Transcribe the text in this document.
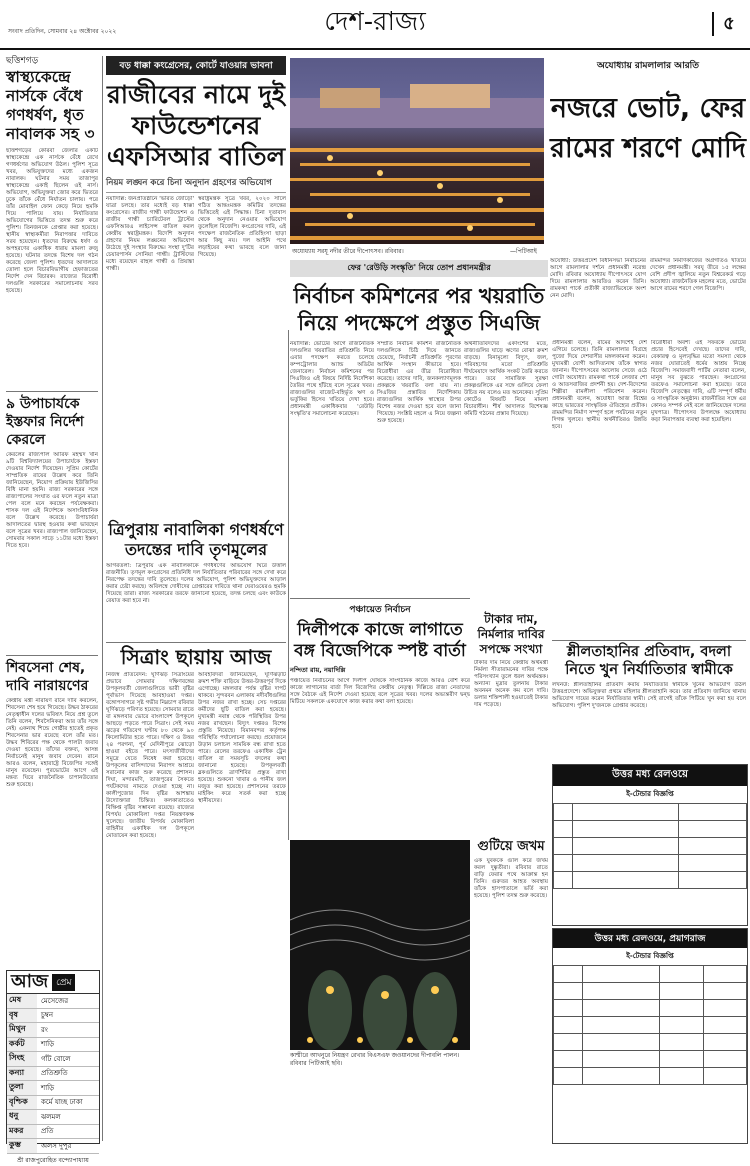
সংবাদ প্রতিদিন, সোমবার ২৪ অক্টোবর ২০২২	দেশ-রাজ্য	৫
ছত্তিশগড়
স্বাস্থ্যকেন্দ্রে নার্সকে বেঁধে গণধর্ষণ, ধৃত নাবালক সহ ৩
ছত্তিশগড়ের কোরবা জেলার একটি স্বাস্থ্যকেন্দ্রে এক নার্সকে বেঁধে রেখে গণধর্ষণের অভিযোগ উঠল। পুলিশ সূত্রে খবর, অভিযুক্তদের মধ্যে একজন নাবালক। ঘটনার সময় তাজাপুর স্বাস্থ্যকেন্দ্রে একাই ছিলেন ওই নার্স। অভিযোগ, অভিযুক্তরা জোর করে ভিতরে ঢুকে তাঁকে বেঁধে নির্যাতন চালায়। পরে তাঁর মোবাইল ফোন কেড়ে নিয়ে হুমকি দিয়ে পালিয়ে যায়। নির্যাতিতার অভিযোগের ভিত্তিতে তদন্ত শুরু করে পুলিশ। তিনজনকে গ্রেপ্তার করা হয়েছে। স্থানীয় স্বাস্থ্যকর্মীরা নিরাপত্তার দাবিতে সরব হয়েছেন। ধৃতদের বিরুদ্ধে ধর্ষণ ও অপহরণের একাধিক ধারায় মামলা রুজু হয়েছে। ঘটনার তদন্তে বিশেষ দল গঠন করেছে জেলা পুলিশ। ধৃতদের আদালতে তোলা হলে বিচারবিভাগীয় হেফাজতের নির্দেশ দেন বিচারক। রাজ্যের বিরোধী দলগুলি সরকারের সমালোচনায় সরব হয়েছে।
৯ উপাচার্যকে ইস্তফার নির্দেশ কেরলে
কেরলের রাজ্যপাল আরিফ মহম্মদ খান ৯টি বিশ্ববিদ্যালয়ের উপাচার্যকে ইস্তফা দেওয়ার নির্দেশ দিয়েছেন। সুপ্রিম কোর্টের সাম্প্রতিক রায়ের উল্লেখ করে তিনি জানিয়েছেন, নিয়োগ প্রক্রিয়ায় ইউজিসির বিধি মানা হয়নি। রাজ্য সরকারের সঙ্গে রাজ্যপালের সংঘাত এর ফলে নতুন মাত্রা পেল বলে মনে করছেন পর্যবেক্ষকরা। শাসক দল এই নির্দেশকে অসাংবিধানিক বলে উল্লেখ করেছে। উপাচার্যরা আদালতের দ্বারস্থ হওয়ার কথা ভাবছেন বলে সূত্রের খবর। রাজ্যপাল জানিয়েছেন, সোমবার সকাল সাড়ে ১১টার মধ্যে ইস্তফা দিতে হবে।
শিবসেনা শেষ, দাবি নারায়ণের
কেন্দ্রীয় মন্ত্রী নারায়ণ রানে দাবি করলেন, শিবসেনা শেষ হয়ে গিয়েছে। উদ্ধব ঠাকরের নেতৃত্বাধীন দলের ভবিষ্যৎ নিয়ে প্রশ্ন তুলে তিনি বলেন, শিবসৈনিকরা আর তাঁর সঙ্গে নেই। একনাথ শিন্ডে গোষ্ঠীর হাতেই প্রকৃত শিবসেনার ভার রয়েছে বলে তাঁর মত। উদ্ধব শিবিরের পক্ষ থেকে পালটা জবাব দেওয়া হয়েছে। তাঁদের বক্তব্য, আসন্ন নির্বাচনেই মানুষ জবাব দেবেন। রানে আরও বলেন, মহারাষ্ট্রে বিজেপির সঙ্গেই মানুষ রয়েছেন। পুরভোটের আগে এই মন্তব্য ঘিরে রাজনৈতিক চাপানউতোর শুরু হয়েছে।
আজ প্রেম
মেষ	মেসেজের
বৃষ	চুম্বন
মিথুন	রং
কর্কট	শাড়ি
সিংহ	গাঁট বোলে
কন্যা	প্রতিশ্রুতি
তুলা	শাড়ি
বৃশ্চিক	কর্মে যাচ্ছ ঢাকা
ধনু	ঝলমল
মকর	প্রতি
কুম্ভ	অলস দুপুর
শ্রী রাজপুরোহিত বন্দ্যোপাধ্যায়
বড় ধাক্কা কংগ্রেসের, কোর্টে যাওয়ার ভাবনা
রাজীবের নামে দুই ফাউন্ডেশনের এফসিআর বাতিল
নিয়ম লঙ্ঘন করে চিনা অনুদান গ্রহণের অভিযোগ
নয়াদিল্লি: জনপ্রতিষ্ঠানে 'ভারত জোড়ো' যাত্রা চলছে। তার মধ্যেই বড় ধাক্কা কংগ্রেসের। রাজীব গান্ধী ফাউন্ডেশন ও রাজীব গান্ধী চ্যারিটেবল ট্রাস্টের এফসিআরএ লাইসেন্স বাতিল করল কেন্দ্রীয় স্বরাষ্ট্রমন্ত্রক। বিদেশি অনুদান গ্রহণের নিয়ম লঙ্ঘনের অভিযোগ উঠেছে দুই সংস্থার বিরুদ্ধে। সংস্থা দু'টির চেয়ারপার্সন সোনিয়া গান্ধী। ট্রাস্টিদের মধ্যে রয়েছেন রাহুল গান্ধী ও প্রিয়াঙ্কা গান্ধী।
স্বরাষ্ট্রমন্ত্রক সূত্রে খবর, ২০২০ সালে গঠিত আন্তঃমন্ত্রক কমিটির তদন্তের ভিত্তিতেই এই সিদ্ধান্ত। চিনা দূতাবাস থেকে অনুদান নেওয়ার অভিযোগ তুলেছিল বিজেপি। কংগ্রেসের দাবি, এই পদক্ষেপ রাজনৈতিক প্রতিহিংসা ছাড়া আর কিছু নয়। দল আইনি পথে লড়াইয়ের কথা ভাবছে বলে জানা গিয়েছে।
ত্রিপুরায় নাবালিকা গণধর্ষণে তদন্তের দাবি তৃণমূলের
আগরতলা: ত্রিপুরায় এক নাবালিকাকে গণধর্ষণের অভিযোগ ঘিরে উত্তাল রাজনীতি। তৃণমূল কংগ্রেসের প্রতিনিধি দল নির্যাতিতার পরিবারের সঙ্গে দেখা করে নিরপেক্ষ তদন্তের দাবি তুলেছে। দলের অভিযোগ, পুলিশ অভিযুক্তদের আড়াল করার চেষ্টা করছে। অবিলম্বে দোষীদের গ্রেপ্তারের দাবিতে থানা ঘেরাওয়েরও হুমকি দিয়েছে তারা। রাজ্য সরকারের তরফে জানানো হয়েছে, তদন্ত চলছে এবং কাউকে রেয়াত করা হবে না।
সিত্রাং ছায়ায় আজ
নিজস্ব প্রতিবেদন: ঘূর্ণিঝড় সিত্রাংয়ের প্রভাবে সোমবার দক্ষিণবঙ্গের উপকূলবর্তী জেলাগুলিতে ভারী বৃষ্টির পূর্বাভাস দিয়েছে আবহাওয়া দপ্তর। বঙ্গোপসাগরে সৃষ্ট গভীর নিম্নচাপ রবিবার ঘূর্ণিঝড়ে পরিণত হয়েছে। সোমবার রাতে বা মঙ্গলবার ভোরে বাংলাদেশ উপকূলে আছড়ে পড়তে পারে সিত্রাং। সেই সময় ঝড়ের গতিবেগ ঘণ্টায় ৮০ থেকে ৯০ কিলোমিটার হতে পারে। দক্ষিণ ও উত্তর ২৪ পরগনা, পূর্ব মেদিনীপুরে ঝোড়ো হাওয়া বইতে পারে। মৎস্যজীবীদের সমুদ্রে যেতে নিষেধ করা হয়েছে। উপকূলের বাসিন্দাদের নিরাপদ আশ্রয়ে সরানোর কাজ শুরু করেছে প্রশাসন। দিঘা, মন্দারমণি, তাজপুরের সৈকতে পর্যটকদের নামতে দেওয়া হচ্ছে না। কালীপুজোর দিন বৃষ্টির আশঙ্কায় উদ্যোক্তারা চিন্তিত। কলকাতাতেও বিক্ষিপ্ত বৃষ্টির সম্ভাবনা রয়েছে। রাজ্যের বিপর্যয় মোকাবিলা দপ্তর নিয়ন্ত্রণকক্ষ খুলেছে। জাতীয় বিপর্যয় মোকাবিলা বাহিনীর একাধিক দল উপকূলে মোতায়েন করা হয়েছে।
আবহবিদরা জানিয়েছেন, ঘূর্ণিঝড়টি ক্রমশ শক্তি বাড়িয়ে উত্তর-উত্তরপূর্ব দিকে এগোচ্ছে। মঙ্গলবার পর্যন্ত বৃষ্টির দাপট থাকবে। সুন্দরবন এলাকায় নদীবাঁধগুলির উপর নজর রাখা হচ্ছে। সেচ দপ্তরের কর্মীদের ছুটি বাতিল করা হয়েছে। মুখ্যমন্ত্রী নবান্ন থেকে পরিস্থিতির উপর নজর রাখছেন। বিদ্যুৎ দপ্তরও বিশেষ প্রস্তুতি নিয়েছে। বিমানবন্দর কর্তৃপক্ষ পরিস্থিতি পর্যালোচনা করছে। প্রয়োজনে উড়ান চলাচল সাময়িক বন্ধ রাখা হতে পারে। রেলের তরফেও একাধিক ট্রেন বাতিল বা সময়সূচি বদলের কথা জানানো হয়েছে। উপকূলবর্তী ব্লকগুলিতে ত্রাণশিবির প্রস্তুত রাখা হয়েছে। শুকনো খাবার ও পানীয় জল মজুত করা হয়েছে। প্রশাসনের তরফে মাইকিং করে সতর্ক করা হচ্ছে স্থানীয়দের।
অযোধ্যায় সরযূ নদীর তীরে দীপোৎসব। রবিবার।	—পিটিআই
অযোধ্যায় রামলালার আরতি
নজরে ভোট, ফের রামের শরণে মোদি
অযোধ্যা: উত্তরপ্রদেশ বিধানসভা নির্বাচনের আগে রামলালার দর্শনে প্রধানমন্ত্রী নরেন্দ্র মোদি। রবিবার অযোধ্যায় দীপোৎসবে যোগ দিয়ে রামলালার আরতিও করেন তিনি। রামকথা পার্কে প্রতীকী রাজ্যাভিষেকে অংশ নেন মোদি।
রামমন্দির নির্মাণকাজের অগ্রগতিও খতিয়ে দেখেন প্রধানমন্ত্রী। সরযূ তীরে ১৫ লক্ষের বেশি প্রদীপ জ্বালিয়ে নতুন বিশ্বরেকর্ড গড়ে অযোধ্যা। রাজনৈতিক মহলের মতে, ভোটের আগে রামের শরণে গেল বিজেপি।
ফের 'রেউড়ি সংস্কৃতি' নিয়ে তোপ প্রধানমন্ত্রীর
নির্বাচন কমিশনের পর খয়রাতি নিয়ে পদক্ষেপে প্রস্তুত সিএজি
নয়াদিল্লি: ভোটের আগে রাজনৈতিক দলগুলির খয়রাতির প্রতিশ্রুতি নিয়ে এবার পদক্ষেপ করতে চলেছে কম্পট্রোলার অ্যান্ড অডিটর জেনারেল। নির্বাচন কমিশনের পর সিএজিও এই বিষয়ে নির্দিষ্ট নির্দেশিকা তৈরির পথে হাঁটছে বলে সূত্রের খবর। রাজ্যগুলির বাজেট-বহির্ভূত ঋণ ও ভর্তুকির হিসেব খতিয়ে দেখা হবে। প্রধানমন্ত্রী একাধিকবার 'রেউড়ি সংস্কৃতি'র সমালোচনা করেছেন।
সম্প্রতি নির্বাচন কমিশন রাজনৈতিক দলগুলিকে চিঠি দিয়ে জানতে চেয়েছে, নির্বাচনী প্রতিশ্রুতি পূরণের আর্থিক সংস্থান কীভাবে হবে। বিরোধীরা এর তীব্র বিরোধিতা করেছে। তাদের দাবি, জনকল্যাণমূলক প্রকল্পকে খয়রাতি বলা যায় না। সিএজির প্রস্তাবিত নির্দেশিকায় রাজ্যগুলির আর্থিক স্বাস্থ্যের উপর বিশেষ নজর দেওয়া হবে বলে জানা গিয়েছে। সংশ্লিষ্ট মহলে এ নিয়ে জল্পনা শুরু হয়েছে।
অর্থনীতিবিদদের একাংশের মতে, রাজ্যগুলির ঘাড়ে ঋণের বোঝা ক্রমশ বাড়ছে। বিনামূল্যে বিদ্যুৎ, জল, পরিবহণের মতো প্রতিশ্রুতি দীর্ঘমেয়াদে আর্থিক সংকট তৈরি করতে পারে। তবে সামাজিক সুরক্ষা প্রকল্পগুলিকে এর সঙ্গে গুলিয়ে ফেলা উচিত নয় বলেও মত অনেকের। সুপ্রিম কোর্টেও বিষয়টি নিয়ে মামলা বিচারাধীন। শীর্ষ আদালত বিশেষজ্ঞ কমিটি গঠনের প্রস্তাব দিয়েছে।
প্রধানমন্ত্রী বলেন, রামের আদর্শেই দেশ এগিয়ে চলেছে। তিনি রামলালার বিগ্রহে পুজো দিয়ে দেশবাসীর মঙ্গলকামনা করেন। মুখ্যমন্ত্রী যোগী আদিত্যনাথ তাঁকে স্বাগত জানান। দীপোৎসবের আলোয় সেজে ওঠে গোটা অযোধ্যা। রামকথা পার্কে লেজার শো ও আতসবাজির প্রদর্শনী হয়। দেশ-বিদেশের শিল্পীরা রামলীলা পরিবেশন করেন। প্রধানমন্ত্রী বলেন, অযোধ্যা আজ বিশ্বের কাছে ভারতের সাংস্কৃতিক ঐতিহ্যের প্রতীক। রামমন্দির নির্মাণ সম্পূর্ণ হলে পর্যটনের নতুন দিগন্ত খুলবে। স্থানীয় অর্থনীতিরও উন্নতি হবে।
বিরোধীরা অবশ্য এই সফরকে ভোটের প্রচার হিসেবেই দেখছে। তাদের দাবি, বেকারত্ব ও মূল্যবৃদ্ধির মতো সমস্যা থেকে নজর ঘোরাতেই ধর্মের আশ্রয় নিচ্ছে বিজেপি। সমাজবাদী পার্টির নেতারা বলেন, মানুষ সব বুঝতে পারছেন। কংগ্রেসের তরফেও সমালোচনা করা হয়েছে। তবে বিজেপি নেতৃত্বের দাবি, এটি সম্পূর্ণ ধর্মীয় ও সাংস্কৃতিক অনুষ্ঠান। রাজনীতির সঙ্গে এর কোনও সম্পর্ক নেই বলে জানিয়েছেন দলের মুখপাত্র। দীপোৎসব উপলক্ষে অযোধ্যায় কড়া নিরাপত্তার ব্যবস্থা করা হয়েছিল।
পঞ্চায়েত নির্বাচন
দিলীপকে কাজে লাগাতে বঙ্গ বিজেপিকে স্পষ্ট বার্তা
নন্দিতা রায়, নয়াদিল্লি
পঞ্চায়েত নির্বাচনের আগে দিলীপ ঘোষকে সাংগঠনিক কাজে আরও বেশি করে কাজে লাগানোর বার্তা দিল বিজেপির কেন্দ্রীয় নেতৃত্ব। দিল্লিতে রাজ্য নেতাদের সঙ্গে বৈঠকে এই নির্দেশ দেওয়া হয়েছে বলে সূত্রের খবর। দলের অভ্যন্তরীণ দ্বন্দ্ব মিটিয়ে সকলকে একযোগে কাজ করার কথা বলা হয়েছে।
টাকার দাম, নির্মলার দাবির সপক্ষে সংখ্যা
টাকার দাম নিয়ে কেন্দ্রীয় অর্থমন্ত্রী নির্মলা সীতারামনের দাবির পক্ষে পরিসংখ্যান তুলে ধরল অর্থমন্ত্রক। অন্যান্য মুদ্রার তুলনায় টাকার অবনমন অনেক কম বলে দাবি। ডলার শক্তিশালী হওয়াতেই টাকার দাম পড়েছে।
শ্লীলতাহানির প্রতিবাদ, বদলা নিতে খুন নির্যাতিতার স্বামীকে
লখনউ: শ্লীলতাহানির প্রতিবাদ করায় নির্যাতিতার স্বামীকে খুনের অভিযোগ উঠল উত্তরপ্রদেশে। অভিযুক্তরা প্রথমে মহিলার শ্লীলতাহানি করে। তার প্রতিবাদ জানিয়ে থানায় অভিযোগ দায়ের করেন নির্যাতিতার স্বামী। সেই রাগেই তাঁকে পিটিয়ে খুন করা হয় বলে অভিযোগ। পুলিশ দু'জনকে গ্রেপ্তার করেছে।
গুটিয়ে জখম
এক যুবককে গুলি করে জখম করল দুষ্কৃতীরা। রবিবার রাতে বাড়ি ফেরার পথে আক্রান্ত হন তিনি। গুরুতর আহত অবস্থায় তাঁকে হাসপাতালে ভর্তি করা হয়েছে। পুলিশ তদন্ত শুরু করেছে।
কাশ্মীরে আখনুরে নিয়ন্ত্রণ রেখার বিএসএফ জওয়ানদের দীপাবলি পালন। রবিবার পিটিআই ছবি।
উত্তর মধ্য রেলওয়ে
ই-টেন্ডার বিজ্ঞপ্তি

উত্তর মধ্য রেলওয়ে, প্রয়াগরাজ
ই-টেন্ডার বিজ্ঞপ্তি
